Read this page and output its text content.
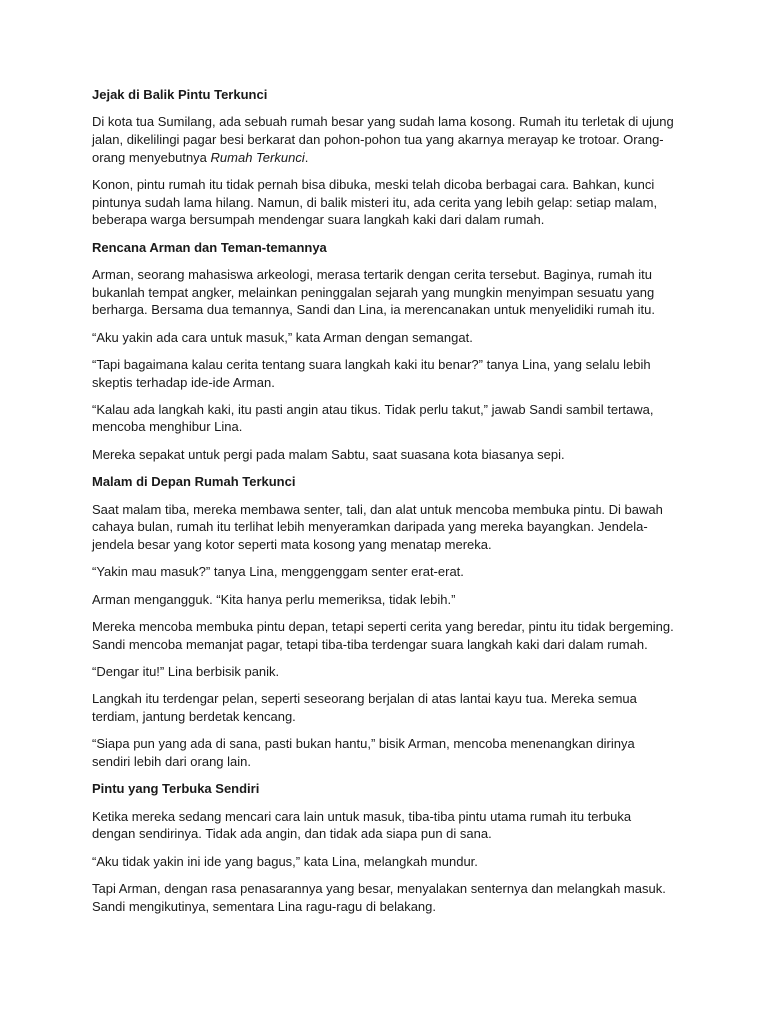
Jejak di Balik Pintu Terkunci

Di kota tua Sumilang, ada sebuah rumah besar yang sudah lama kosong. Rumah itu terletak di ujung jalan, dikelilingi pagar besi berkarat dan pohon-pohon tua yang akarnya merayap ke trotoar. Orang-orang menyebutnya Rumah Terkunci.

Konon, pintu rumah itu tidak pernah bisa dibuka, meski telah dicoba berbagai cara. Bahkan, kunci pintunya sudah lama hilang. Namun, di balik misteri itu, ada cerita yang lebih gelap: setiap malam, beberapa warga bersumpah mendengar suara langkah kaki dari dalam rumah.

Rencana Arman dan Teman-temannya

Arman, seorang mahasiswa arkeologi, merasa tertarik dengan cerita tersebut. Baginya, rumah itu bukanlah tempat angker, melainkan peninggalan sejarah yang mungkin menyimpan sesuatu yang berharga. Bersama dua temannya, Sandi dan Lina, ia merencanakan untuk menyelidiki rumah itu.

“Aku yakin ada cara untuk masuk,” kata Arman dengan semangat.

“Tapi bagaimana kalau cerita tentang suara langkah kaki itu benar?” tanya Lina, yang selalu lebih skeptis terhadap ide-ide Arman.

“Kalau ada langkah kaki, itu pasti angin atau tikus. Tidak perlu takut,” jawab Sandi sambil tertawa, mencoba menghibur Lina.

Mereka sepakat untuk pergi pada malam Sabtu, saat suasana kota biasanya sepi.

Malam di Depan Rumah Terkunci

Saat malam tiba, mereka membawa senter, tali, dan alat untuk mencoba membuka pintu. Di bawah cahaya bulan, rumah itu terlihat lebih menyeramkan daripada yang mereka bayangkan. Jendela-jendela besar yang kotor seperti mata kosong yang menatap mereka.

“Yakin mau masuk?” tanya Lina, menggenggam senter erat-erat.

Arman mengangguk. “Kita hanya perlu memeriksa, tidak lebih.”

Mereka mencoba membuka pintu depan, tetapi seperti cerita yang beredar, pintu itu tidak bergeming. Sandi mencoba memanjat pagar, tetapi tiba-tiba terdengar suara langkah kaki dari dalam rumah.

“Dengar itu!” Lina berbisik panik.

Langkah itu terdengar pelan, seperti seseorang berjalan di atas lantai kayu tua. Mereka semua terdiam, jantung berdetak kencang.

“Siapa pun yang ada di sana, pasti bukan hantu,” bisik Arman, mencoba menenangkan dirinya sendiri lebih dari orang lain.

Pintu yang Terbuka Sendiri

Ketika mereka sedang mencari cara lain untuk masuk, tiba-tiba pintu utama rumah itu terbuka dengan sendirinya. Tidak ada angin, dan tidak ada siapa pun di sana.

“Aku tidak yakin ini ide yang bagus,” kata Lina, melangkah mundur.

Tapi Arman, dengan rasa penasarannya yang besar, menyalakan senternya dan melangkah masuk. Sandi mengikutinya, sementara Lina ragu-ragu di belakang.
